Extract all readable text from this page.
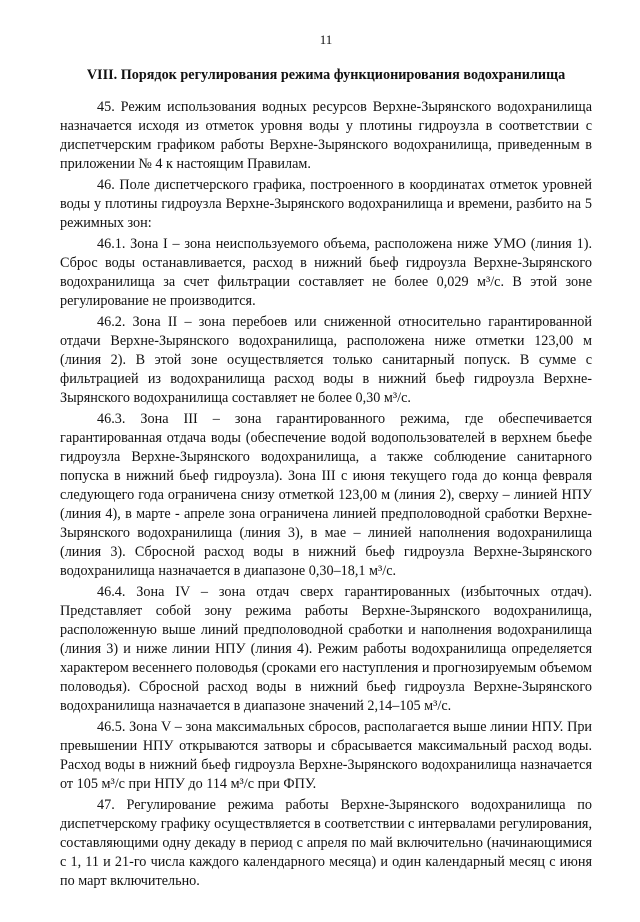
11
VIII. Порядок регулирования режима функционирования водохранилища

45. Режим использования водных ресурсов Верхне-Зырянского водохранилища назначается исходя из отметок уровня воды у плотины гидроузла в соответствии с диспетчерским графиком работы Верхне-Зырянского водохранилища, приведенным в приложении № 4 к настоящим Правилам.

46. Поле диспетчерского графика, построенного в координатах отметок уровней воды у плотины гидроузла Верхне-Зырянского водохранилища и времени, разбито на 5 режимных зон:

46.1. Зона I – зона неиспользуемого объема, расположена ниже УМО (линия 1). Сброс воды останавливается, расход в нижний бьеф гидроузла Верхне-Зырянского водохранилища за счет фильтрации составляет не более 0,029 м³/с. В этой зоне регулирование не производится.

46.2. Зона II – зона перебоев или сниженной относительно гарантированной отдачи Верхне-Зырянского водохранилища, расположена ниже отметки 123,00 м (линия 2). В этой зоне осуществляется только санитарный попуск. В сумме с фильтрацией из водохранилища расход воды в нижний бьеф гидроузла Верхне-Зырянского водохранилища составляет не более 0,30 м³/с.

46.3. Зона III – зона гарантированного режима, где обеспечивается гарантированная отдача воды (обеспечение водой водопользователей в верхнем бьефе гидроузла Верхне-Зырянского водохранилища, а также соблюдение санитарного попуска в нижний бьеф гидроузла). Зона III с июня текущего года до конца февраля следующего года ограничена снизу отметкой 123,00 м (линия 2), сверху – линией НПУ (линия 4), в марте - апреле зона ограничена линией предполоводной сработки Верхне-Зырянского водохранилища (линия 3), в мае – линией наполнения водохранилища (линия 3). Сбросной расход воды в нижний бьеф гидроузла Верхне-Зырянского водохранилища назначается в диапазоне 0,30–18,1 м³/с.

46.4. Зона IV – зона отдач сверх гарантированных (избыточных отдач). Представляет собой зону режима работы Верхне-Зырянского водохранилища, расположенную выше линий предполоводной сработки и наполнения водохранилища (линия 3) и ниже линии НПУ (линия 4). Режим работы водохранилища определяется характером весеннего половодья (сроками его наступления и прогнозируемым объемом половодья). Сбросной расход воды в нижний бьеф гидроузла Верхне-Зырянского водохранилища назначается в диапазоне значений 2,14–105 м³/с.

46.5. Зона V – зона максимальных сбросов, располагается выше линии НПУ. При превышении НПУ открываются затворы и сбрасывается максимальный расход воды. Расход воды в нижний бьеф гидроузла Верхне-Зырянского водохранилища назначается от 105 м³/с при НПУ до 114 м³/с при ФПУ.

47. Регулирование режима работы Верхне-Зырянского водохранилища по диспетчерскому графику осуществляется в соответствии с интервалами регулирования, составляющими одну декаду в период с апреля по май включительно (начинающимися с 1, 11 и 21-го числа каждого календарного месяца) и один календарный месяц с июня по март включительно.
